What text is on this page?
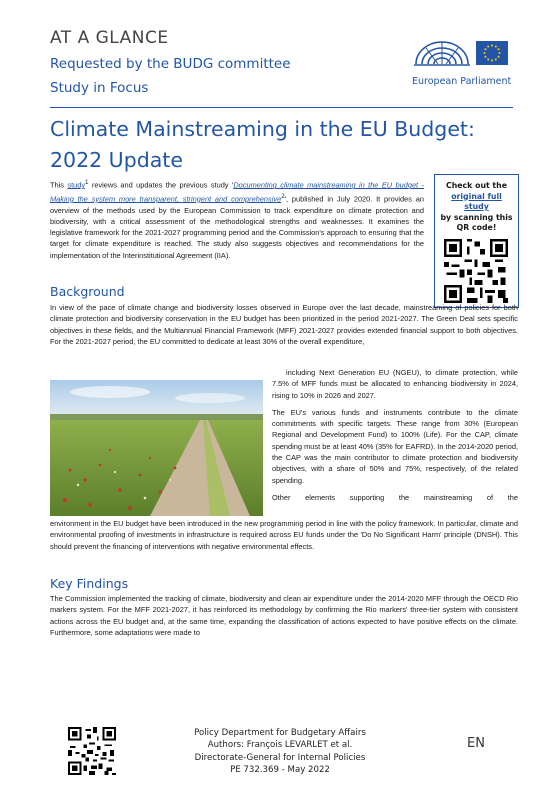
AT A GLANCE
Requested by the BUDG committee
Study in Focus	European Parliament
Climate Mainstreaming in the EU Budget:
2022 Update
This study$^1$ reviews and updates the previous study 'Documenting climate mainstreaming in the EU budget - Making the system more transparent, stringent and comprehensive$^2$', published in July 2020. It provides an overview of the methods used by the European Commission to track expenditure on climate protection and biodiversity, with a critical assessment of the methodological strengths and weaknesses. It examines the legislative framework for the 2021-2027 programming period and the Commission's approach to ensuring that the target for climate expenditure is reached. The study also suggests objectives and recommendations for the implementation of the Interinstitutional Agreement (IIA).
Check out the
original full study
by scanning this
QR code!
Background
In view of the pace of climate change and biodiversity losses observed in Europe over the last decade, mainstreaming of policies for both climate protection and biodiversity conservation in the EU budget has been prioritized in the period 2021-2027. The Green Deal sets specific objectives in these fields, and the Multiannual Financial Framework (MFF) 2021-2027 provides extended financial support to both objectives. For the 2021-2027 period, the EU committed to dedicate at least 30% of the overall expenditure,
including Next Generation EU (NGEU), to climate protection, while 7.5% of MFF funds must be allocated to enhancing biodiversity in 2024, rising to 10% in 2026 and 2027.
The EU's various funds and instruments contribute to the climate commitments with specific targets. These range from 30% (European Regional and Development Fund) to 100% (Life). For the CAP, climate spending must be at least 40% (35% for EAFRD). In the 2014-2020 period, the CAP was the main contributor to climate protection and biodiversity objectives, with a share of 50% and 75%, respectively, of the related spending.
Other elements supporting the mainstreaming of the
environment in the EU budget have been introduced in the new programming period in line with the policy framework. In particular, climate and environmental proofing of investments in infrastructure is required across EU funds under the 'Do No Significant Harm' principle (DNSH). This should prevent the financing of interventions with negative environmental effects.
Key Findings
The Commission implemented the tracking of climate, biodiversity and clean air expenditure under the 2014-2020 MFF through the OECD Rio markers system. For the MFF 2021-2027, it has reinforced its methodology by confirming the Rio markers' three-tier system with consistent actions across the EU budget and, at the same time, expanding the classification of actions expected to have positive effects on the climate. Furthermore, some adaptations were made to
Policy Department for Budgetary Affairs
Authors: François LEVARLET et al.
Directorate-General for Internal Policies
PE 732.369 - May 2022
EN
